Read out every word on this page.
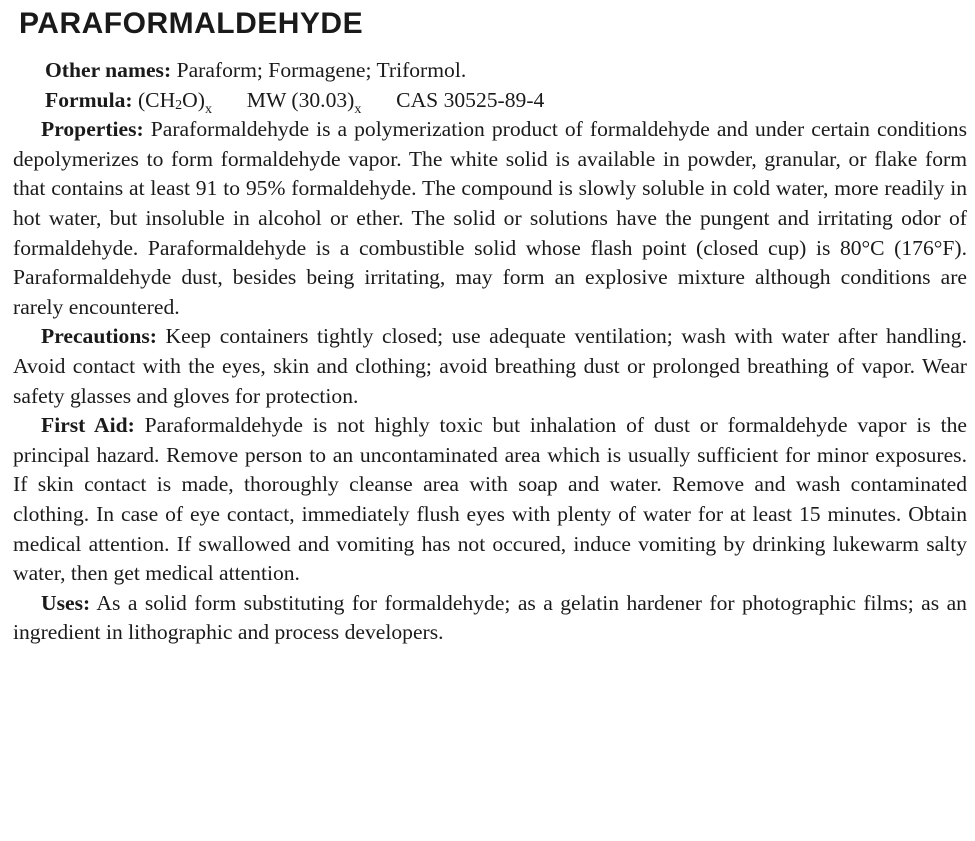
PARAFORMALDEHYDE
Other names: Paraform; Formagene; Triformol.
Formula: $(CH2O)_x$ MW $(30.03)_x$ CAS 30525-89-4

Properties: Paraformaldehyde is a polymerization product of formaldehyde and under certain conditions depolymerizes to form formaldehyde vapor. The white solid is available in powder, granular, or flake form that contains at least 91 to 95% formaldehyde. The compound is slowly soluble in cold water, more readily in hot water, but insoluble in alcohol or ether. The solid or solutions have the pungent and irritating odor of formaldehyde. Paraformaldehyde is a combustible solid whose flash point (closed cup) is 80°C (176°F). Paraformaldehyde dust, besides being irritating, may form an explosive mixture although conditions are rarely encountered.

Precautions: Keep containers tightly closed; use adequate ventilation; wash with water after handling. Avoid contact with the eyes, skin and clothing; avoid breathing dust or prolonged breathing of vapor. Wear safety glasses and gloves for protection.

First Aid: Paraformaldehyde is not highly toxic but inhalation of dust or formaldehyde vapor is the principal hazard. Remove person to an uncontaminated area which is usually sufficient for minor exposures. If skin contact is made, thoroughly cleanse area with soap and water. Remove and wash contaminated clothing. In case of eye contact, immediately flush eyes with plenty of water for at least 15 minutes. Obtain medical attention. If swallowed and vomiting has not occured, induce vomiting by drinking lukewarm salty water, then get medical attention.

Uses: As a solid form substituting for formaldehyde; as a gelatin hardener for photographic films; as an ingredient in lithographic and process developers.
